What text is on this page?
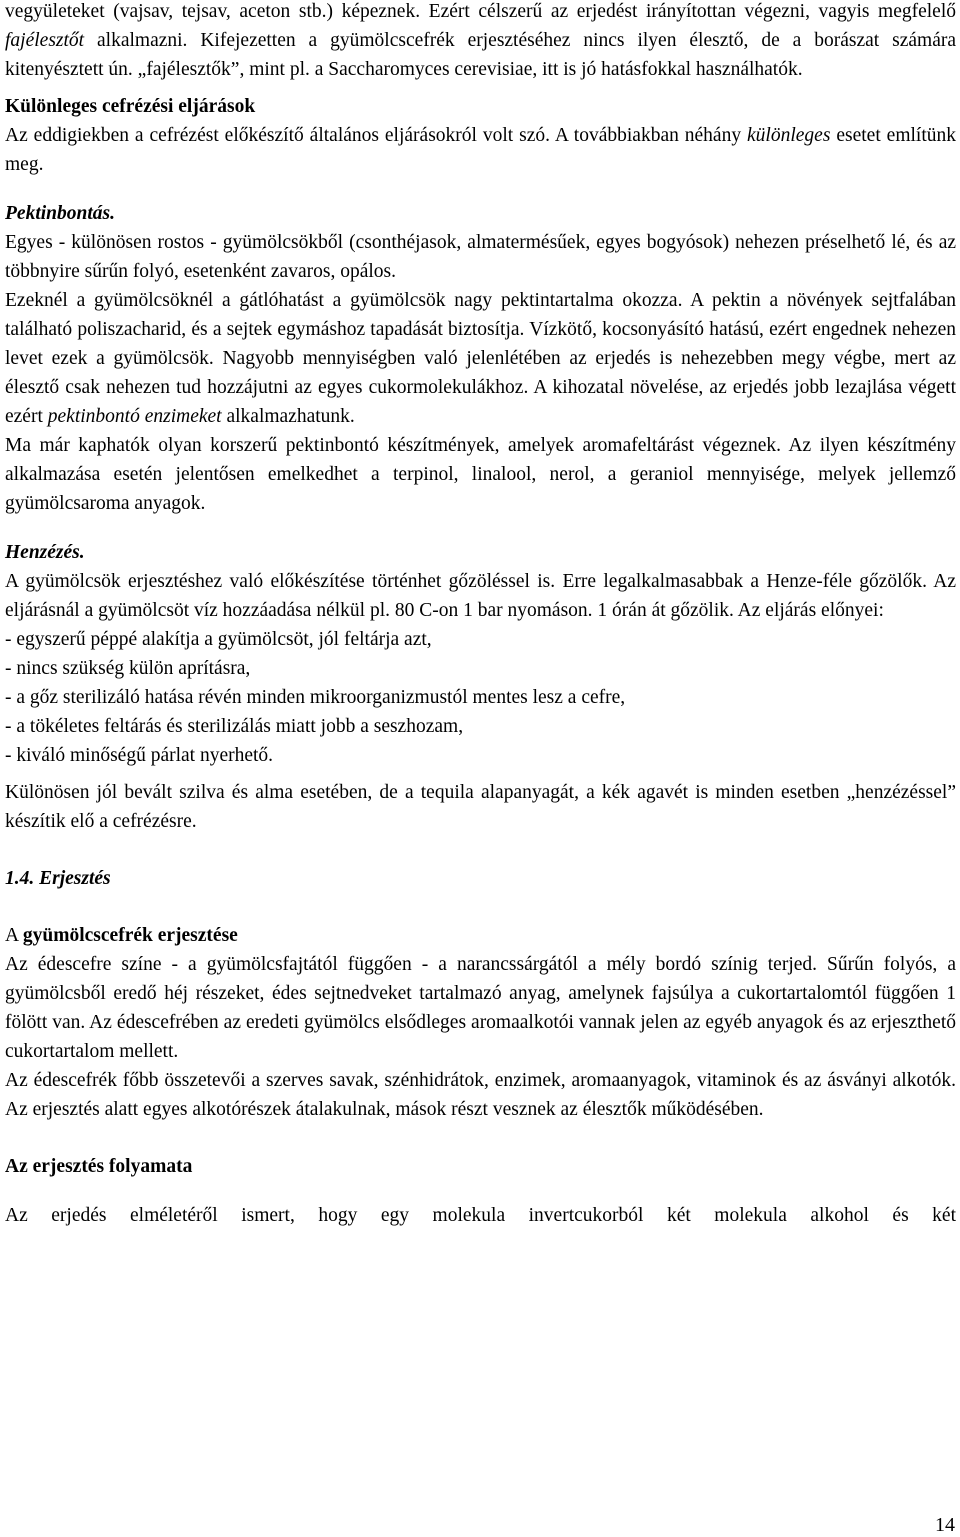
vegyületeket (vajsav, tejsav, aceton stb.) képeznek. Ezért célszerű az erjedést irányítottan végezni, vagyis megfelelő fajélesztőt alkalmazni. Kifejezetten a gyümölcscefrék erjesztéséhez nincs ilyen élesztő, de a borászat számára kitenyésztett ún. „fajélesztők”, mint pl. a Saccharomyces cerevisiae, itt is jó hatásfokkal használhatók.

Különleges cefrézési eljárások

Az eddigiekben a cefrézést előkészítő általános eljárásokról volt szó. A továbbiakban néhány különleges esetet említünk meg.

Pektinbontás.

Egyes - különösen rostos - gyümölcsökből (csonthéjasok, almatermésűek, egyes bogyósok) nehezen préselhető lé, és az többnyire sűrűn folyó, esetenként zavaros, opálos.

Ezeknél a gyümölcsöknél a gátlóhatást a gyümölcsök nagy pektintartalma okozza. A pektin a növények sejtfalában található poliszacharid, és a sejtek egymáshoz tapadását biztosítja. Vízkötő, kocsonyásító hatású, ezért engednek nehezen levet ezek a gyümölcsök. Nagyobb mennyiségben való jelenlétében az erjedés is nehezebben megy végbe, mert az élesztő csak nehezen tud hozzájutni az egyes cukormolekulákhoz. A kihozatal növelése, az erjedés jobb lezajlása végett ezért pektinbontó enzimeket alkalmazhatunk.

Ma már kaphatók olyan korszerű pektinbontó készítmények, amelyek aromafeltárást végeznek. Az ilyen készítmény alkalmazása esetén jelentősen emelkedhet a terpinol, linalool, nerol, a geraniol mennyisége, melyek jellemző gyümölcsaroma anyagok.

Henzézés.

A gyümölcsök erjesztéshez való előkészítése történhet gőzöléssel is. Erre legalkalmasabbak a Henze-féle gőzölők. Az eljárásnál a gyümölcsöt víz hozzáadása nélkül pl. 80 C-on 1 bar nyomáson. 1 órán át gőzölik. Az eljárás előnyei:

- egyszerű péppé alakítja a gyümölcsöt, jól feltárja azt,

- nincs szükség külön aprításra,

- a gőz sterilizáló hatása révén minden mikroorganizmustól mentes lesz a cefre,

- a tökéletes feltárás és sterilizálás miatt jobb a seszhozam,

- kiváló minőségű párlat nyerhető.

Különösen jól bevált szilva és alma esetében, de a tequila alapanyagát, a kék agavét is minden esetben „henzézéssel” készítik elő a cefrézésre.

1.4. Erjesztés

A gyümölcscefrék erjesztése

Az édescefre színe - a gyümölcsfajtától függően - a narancssárgától a mély bordó színig terjed. Sűrűn folyós, a gyümölcsből eredő héj részeket, édes sejtnedveket tartalmazó anyag, amelynek fajsúlya a cukortartalomtól függően 1 fölött van. Az édescefrében az eredeti gyümölcs elsődleges aromaalkotói vannak jelen az egyéb anyagok és az erjeszthető cukortartalom mellett.

Az édescefrék főbb összetevői a szerves savak, szénhidrátok, enzimek, aromaanyagok, vitaminok és az ásványi alkotók. Az erjesztés alatt egyes alkotórészek átalakulnak, mások részt vesznek az élesztők működésében.

Az erjesztés folyamata

Az erjedés elméletéről ismert, hogy egy molekula invertcukorból két molekula alkohol és két

14
